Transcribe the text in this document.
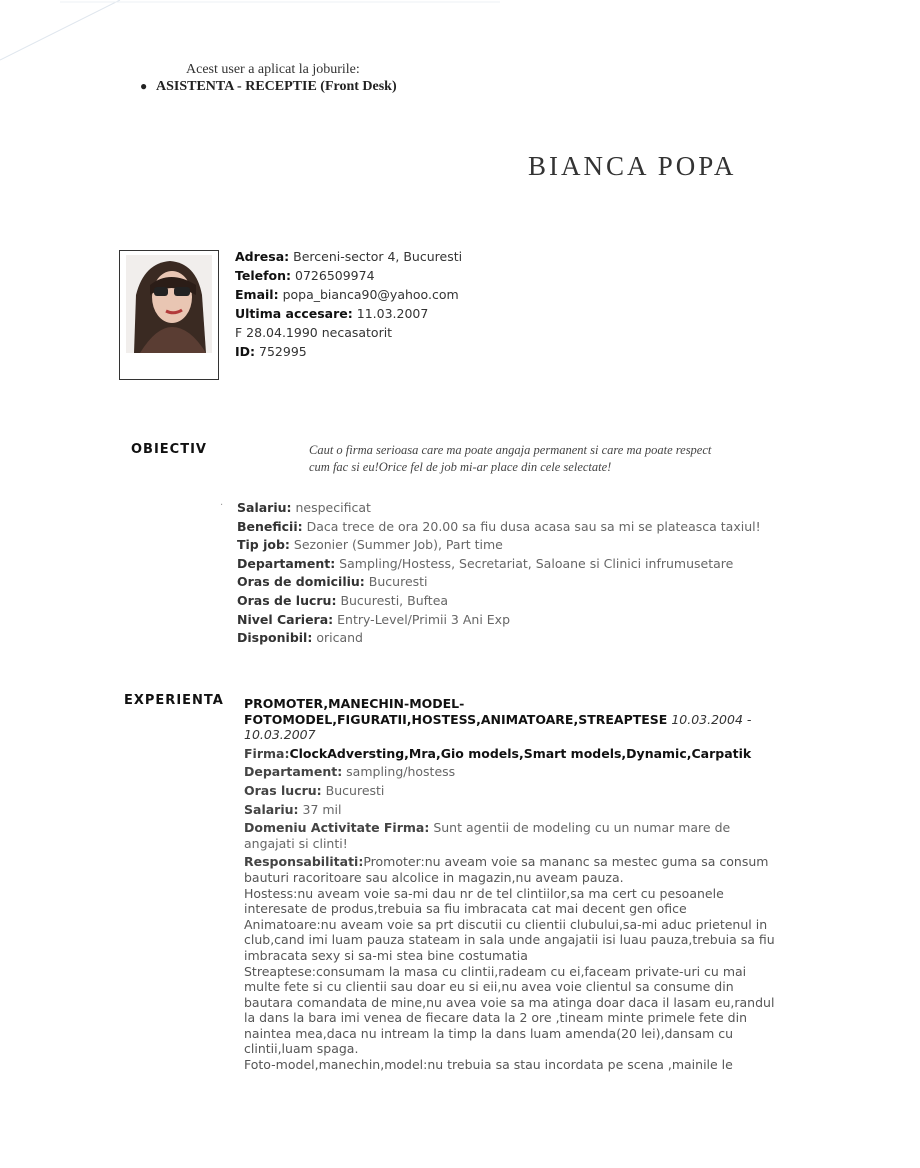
Acest user a aplicat la joburile:
● ASISTENTA - RECEPTIE (Front Desk)
BIANCA POPA
Adresa: Berceni-sector 4, Bucuresti
Telefon: 0726509974
Email: popa_bianca90@yahoo.com
Ultima accesare: 11.03.2007
F 28.04.1990 necasatorit
ID: 752995
OBIECTIV	Caut o firma serioasa care ma poate angaja permanent si care ma poate respect cum fac si eu!Orice fel de job mi-ar place din cele selectate!
· Salariu: nespecificat
Beneficii: Daca trece de ora 20.00 sa fiu dusa acasa sau sa mi se plateasca taxiul!
Tip job: Sezonier (Summer Job), Part time
Departament: Sampling/Hostess, Secretariat, Saloane si Clinici infrumusetare
Oras de domiciliu: Bucuresti
Oras de lucru: Bucuresti, Buftea
Nivel Cariera: Entry-Level/Primii 3 Ani Exp
Disponibil: oricand
EXPERIENTA PROMOTER,MANECHIN-MODEL-FOTOMODEL,FIGURATII,HOSTESS,ANIMATOARE,STREAPTESE 10.03.2004 - 10.03.2007
Firma:ClockAdversting,Mra,Gio models,Smart models,Dynamic,Carpatik
Departament: sampling/hostess
Oras lucru: Bucuresti
Salariu: 37 mil
Domeniu Activitate Firma: Sunt agentii de modeling cu un numar mare de angajati si clinti!
Responsabilitati:Promoter:nu aveam voie sa mananc sa mestec guma sa consum bauturi racoritoare sau alcolice in magazin,nu aveam pauza.
Hostess:nu aveam voie sa-mi dau nr de tel clintiilor,sa ma cert cu pesoanele interesate de produs,trebuia sa fiu imbracata cat mai decent gen ofice
Animatoare:nu aveam voie sa prt discutii cu clientii clubului,sa-mi aduc prietenul in club,cand imi luam pauza stateam in sala unde angajatii isi luau pauza,trebuia sa fiu imbracata sexy si sa-mi stea bine costumatia
Streaptese:consumam la masa cu clintii,radeam cu ei,faceam private-uri cu mai multe fete si cu clientii sau doar eu si eii,nu avea voie clientul sa consume din bautara comandata de mine,nu avea voie sa ma atinga doar daca il lasam eu,randul la dans la bara imi venea de fiecare data la 2 ore ,tineam minte primele fete din naintea mea,daca nu intream la timp la dans luam amenda(20 lei),dansam cu clintii,luam spaga.
Foto-model,manechin,model:nu trebuia sa stau incordata pe scena ,mainile le
